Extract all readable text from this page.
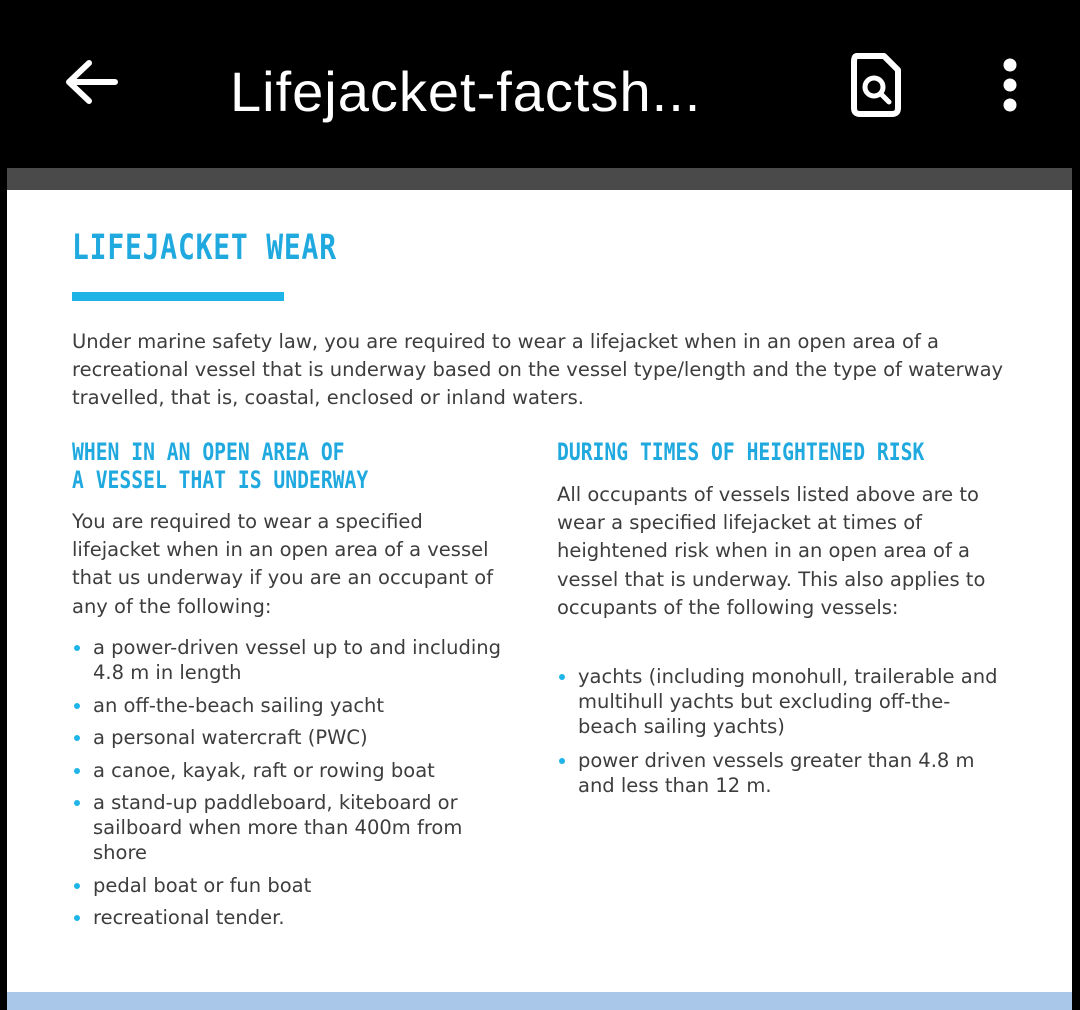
Lifejacket-factsh...
LIFEJACKET WEAR

Under marine safety law, you are required to wear a lifejacket when in an open area of a recreational vessel that is underway based on the vessel type/length and the type of waterway travelled, that is, coastal, enclosed or inland waters.

WHEN IN AN OPEN AREA OF
A VESSEL THAT IS UNDERWAY

You are required to wear a specified lifejacket when in an open area of a vessel that us underway if you are an occupant of any of the following:

a power-driven vessel up to and including 4.8 m in length
an off-the-beach sailing yacht
a personal watercraft (PWC)
a canoe, kayak, raft or rowing boat
a stand-up paddleboard, kiteboard or sailboard when more than 400m from shore
pedal boat or fun boat
recreational tender.
DURING TIMES OF HEIGHTENED RISK

All occupants of vessels listed above are to wear a specified lifejacket at times of heightened risk when in an open area of a vessel that is underway. This also applies to occupants of the following vessels:

yachts (including monohull, trailerable and multihull yachts but excluding off-the-beach sailing yachts)
power driven vessels greater than 4.8 m and less than 12 m.
